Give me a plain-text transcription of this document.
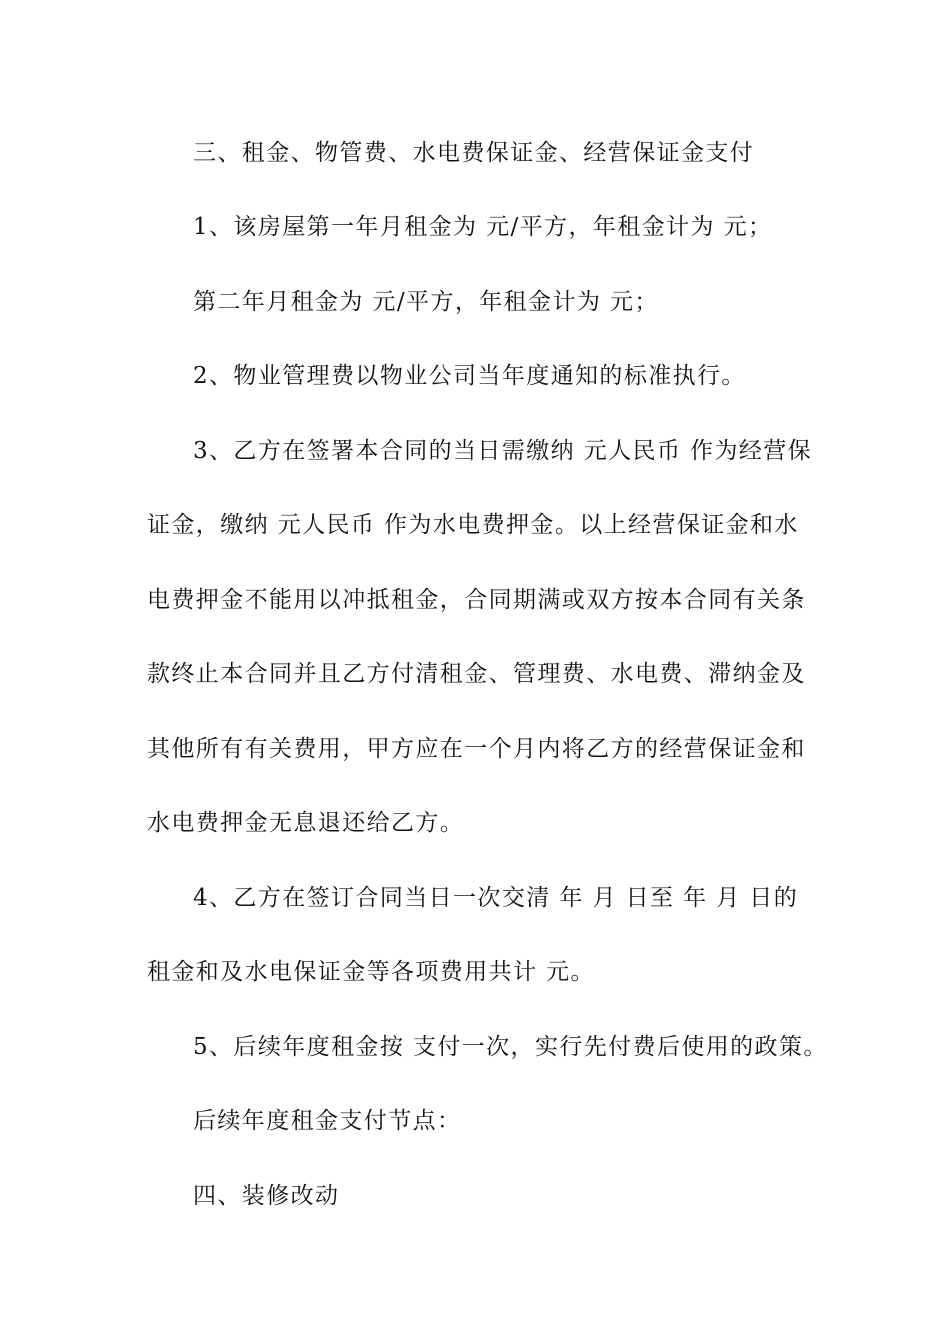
三、租金、物管费、水电费保证金、经营保证金支付
1、该房屋第一年月租金为 元/平方，年租金计为 元；
第二年月租金为 元/平方，年租金计为 元；
2、物业管理费以物业公司当年度通知的标准执行。
3、乙方在签署本合同的当日需缴纳 元人民币 作为经营保
证金，缴纳 元人民币 作为水电费押金。以上经营保证金和水
电费押金不能用以冲抵租金，合同期满或双方按本合同有关条
款终止本合同并且乙方付清租金、管理费、水电费、滞纳金及
其他所有有关费用，甲方应在一个月内将乙方的经营保证金和
水电费押金无息退还给乙方。
4、乙方在签订合同当日一次交清 年 月 日至 年 月 日的
租金和及水电保证金等各项费用共计 元。
5、后续年度租金按 支付一次，实行先付费后使用的政策。
后续年度租金支付节点：
四、装修改动
